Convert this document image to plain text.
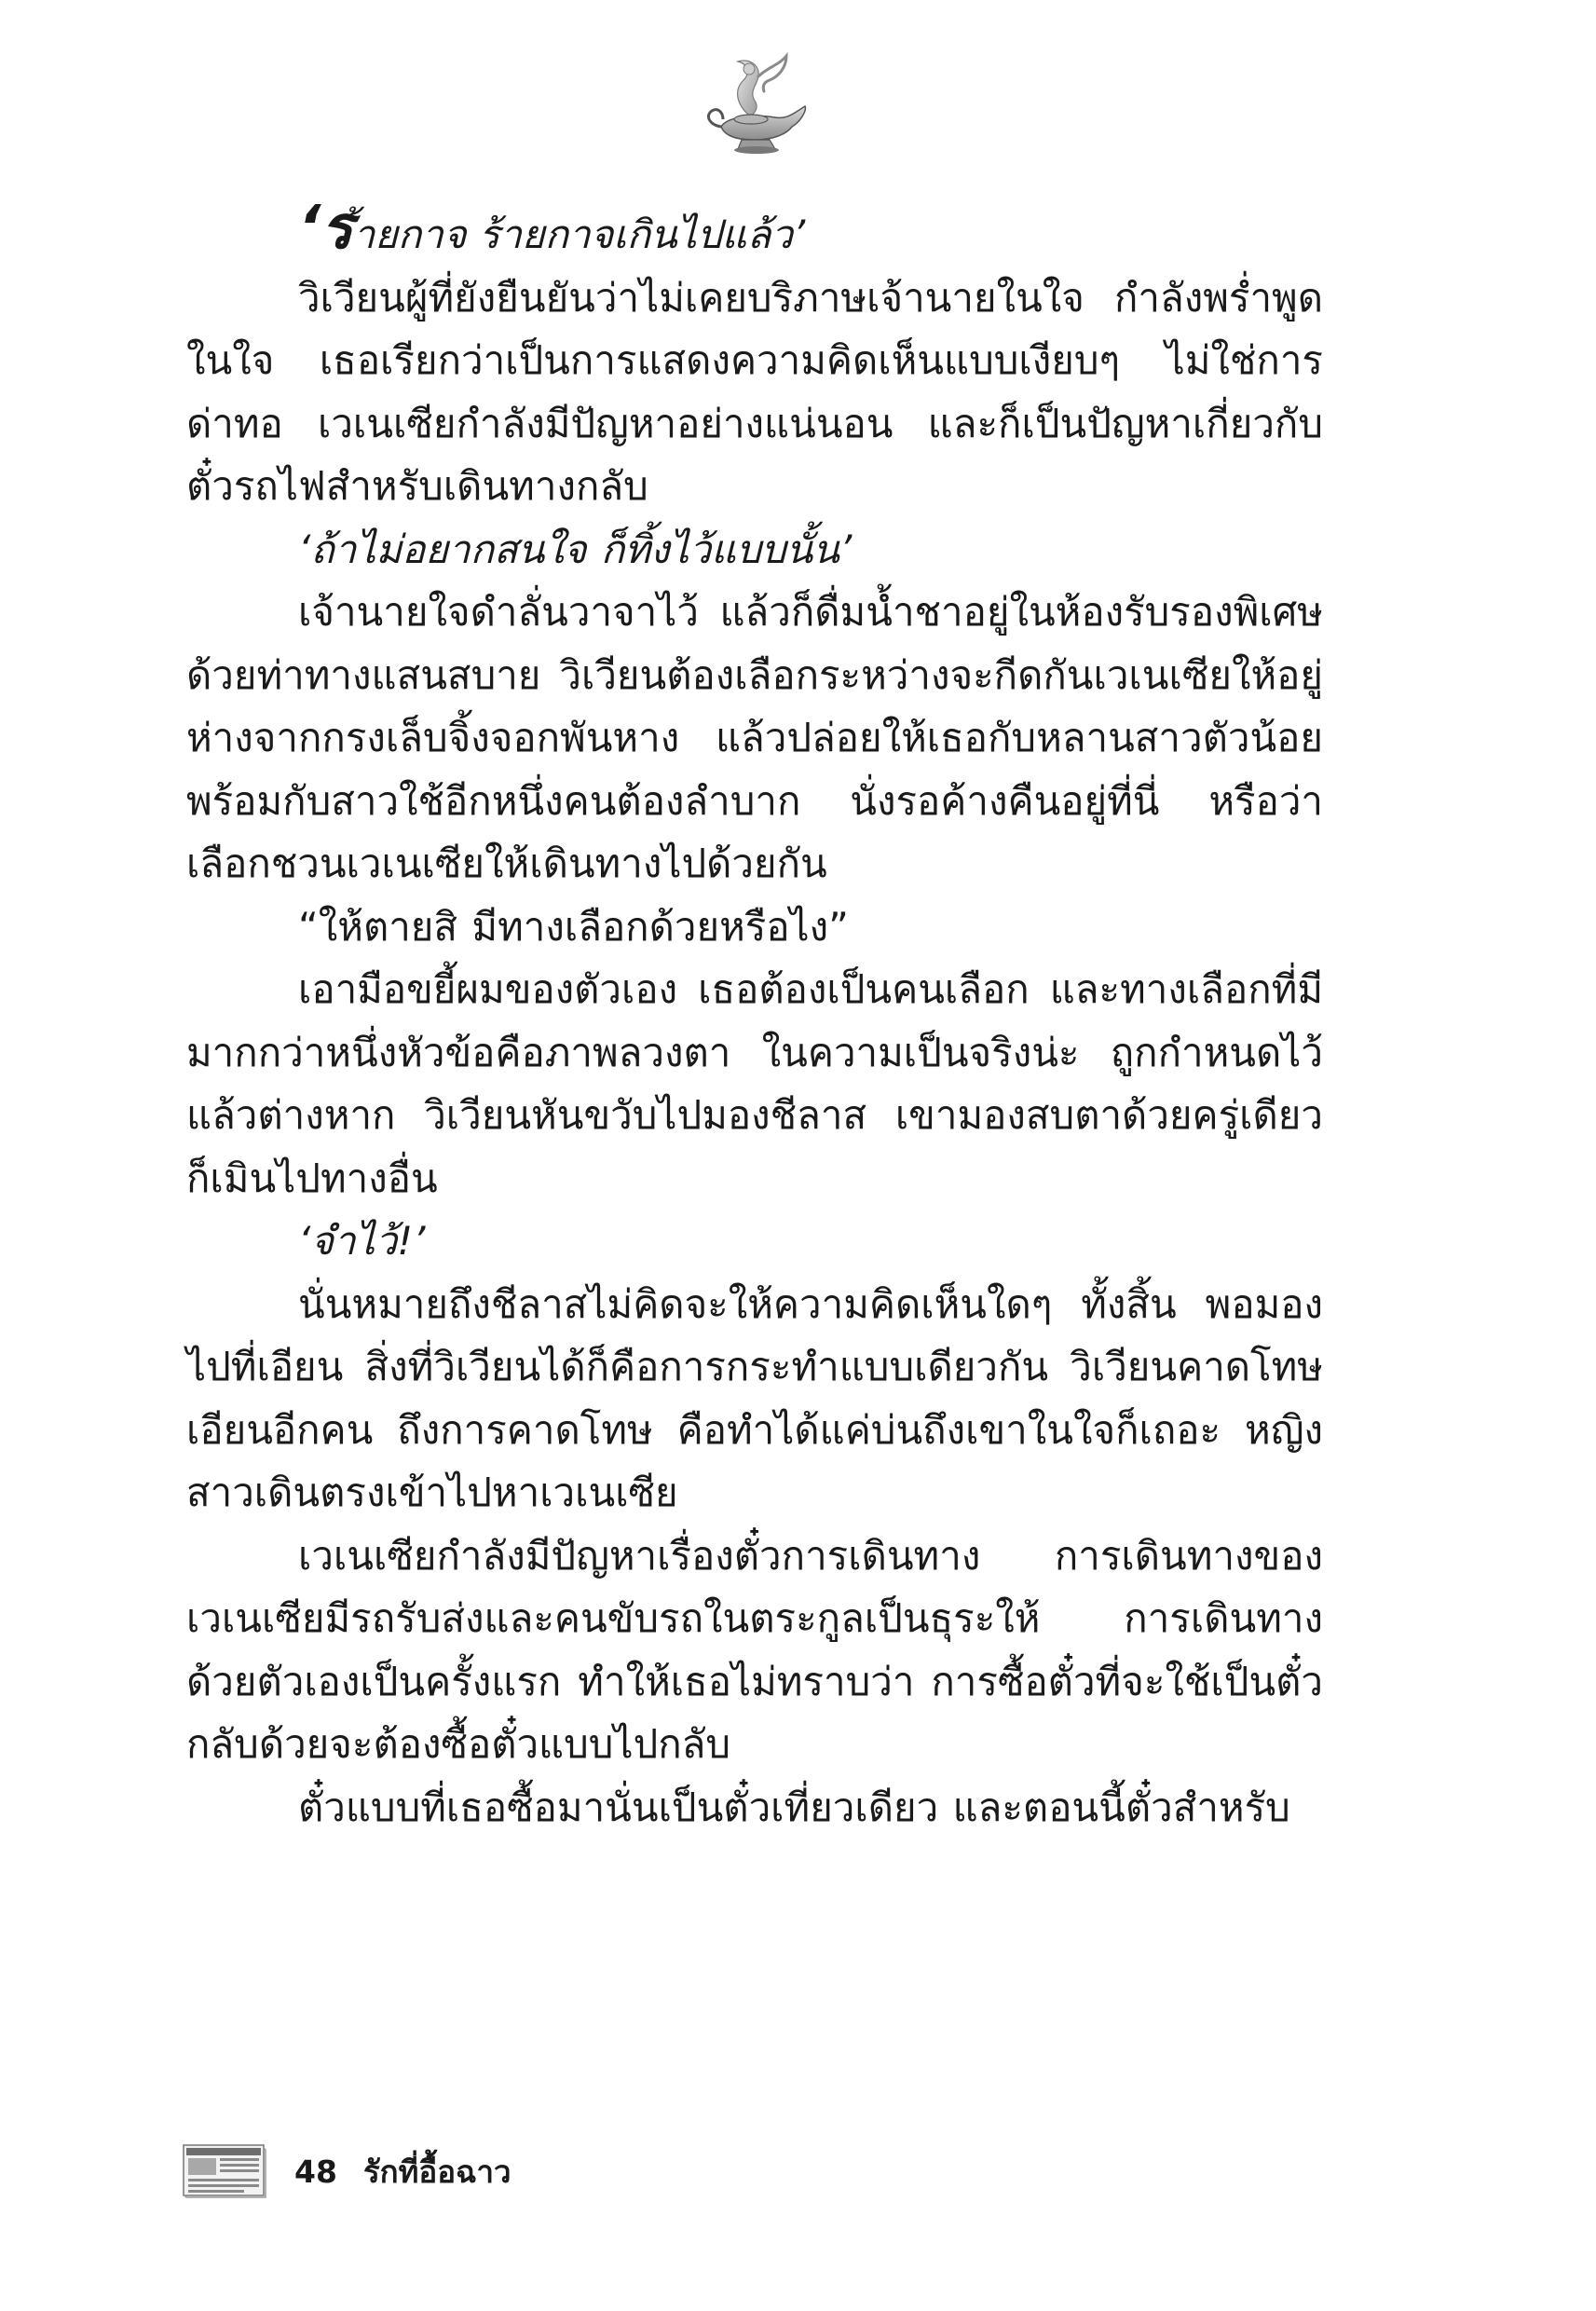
‘ร้ายกาจ ร้ายกาจเกินไปแล้ว’

วิเวียนผู้ที่ยังยืนยันว่าไม่เคยบริภาษเจ้านายในใจ กำลังพร่ำพูดในใจ เธอเรียกว่าเป็นการแสดงความคิดเห็นแบบเงียบๆ ไม่ใช่การด่าทอ เวเนเซียกำลังมีปัญหาอย่างแน่นอน และก็เป็นปัญหาเกี่ยวกับตั๋วรถไฟสำหรับเดินทางกลับ

‘ถ้าไม่อยากสนใจ ก็ทิ้งไว้แบบนั้น’

เจ้านายใจดำลั่นวาจาไว้ แล้วก็ดื่มน้ำชาอยู่ในห้องรับรองพิเศษด้วยท่าทางแสนสบาย วิเวียนต้องเลือกระหว่างจะกีดกันเวเนเซียให้อยู่ห่างจากกรงเล็บจิ้งจอกพันหาง แล้วปล่อยให้เธอกับหลานสาวตัวน้อยพร้อมกับสาวใช้อีกหนึ่งคนต้องลำบาก นั่งรอค้างคืนอยู่ที่นี่ หรือว่าเลือกชวนเวเนเซียให้เดินทางไปด้วยกัน

“ให้ตายสิ มีทางเลือกด้วยหรือไง”

เอามือขยี้ผมของตัวเอง เธอต้องเป็นคนเลือก และทางเลือกที่มีมากกว่าหนึ่งหัวข้อคือภาพลวงตา ในความเป็นจริงน่ะ ถูกกำหนดไว้แล้วต่างหาก วิเวียนหันขวับไปมองชีลาส เขามองสบตาด้วยครู่เดียว ก็เมินไปทางอื่น

‘จำไว้!’

นั่นหมายถึงชีลาสไม่คิดจะให้ความคิดเห็นใดๆ ทั้งสิ้น พอมองไปที่เอียน สิ่งที่วิเวียนได้ก็คือการกระทำแบบเดียวกัน วิเวียนคาดโทษเอียนอีกคน ถึงการคาดโทษ คือทำได้แค่บ่นถึงเขาในใจก็เถอะ หญิงสาวเดินตรงเข้าไปหาเวเนเซีย

เวเนเซียกำลังมีปัญหาเรื่องตั๋วการเดินทาง การเดินทางของเวเนเซียมีรถรับส่งและคนขับรถในตระกูลเป็นธุระให้ การเดินทางด้วยตัวเองเป็นครั้งแรก ทำให้เธอไม่ทราบว่า การซื้อตั๋วที่จะใช้เป็นตั๋วกลับด้วยจะต้องซื้อตั๋วแบบไปกลับ

ตั๋วแบบที่เธอซื้อมานั่นเป็นตั๋วเที่ยวเดียว และตอนนี้ตั๋วสำหรับ

48 รักที่อื้อฉาว
